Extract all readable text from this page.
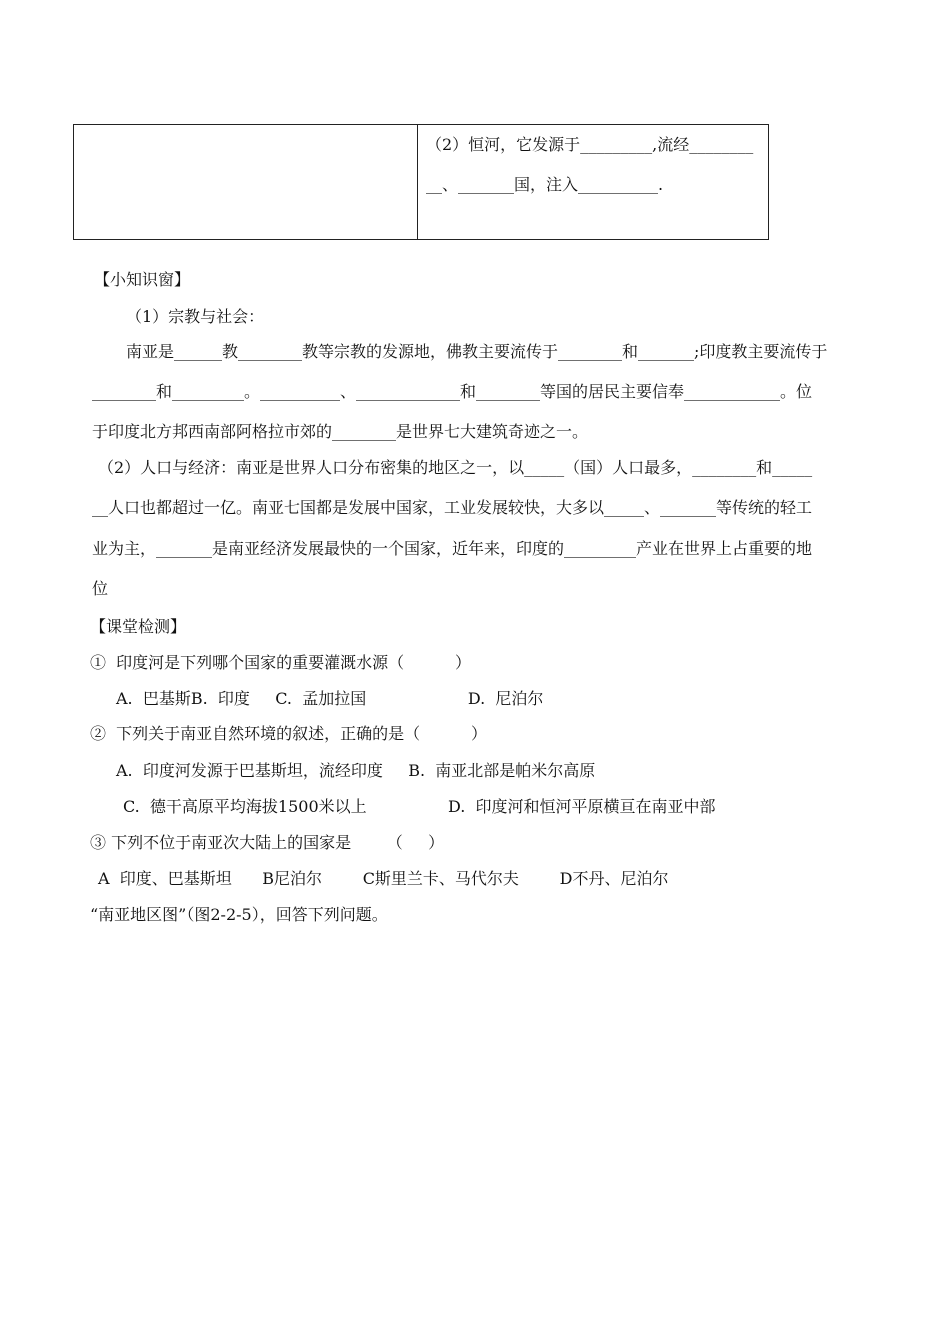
（2）恒河，它发源于_________,流经________
__、_______国，注入__________.
【小知识窗】
（1）宗教与社会：
南亚是______教________教等宗教的发源地，佛教主要流传于________和_______;印度教主要流传于
________和_________。__________、_____________和________等国的居民主要信奉____________。位
于印度北方邦西南部阿格拉市郊的________是世界七大建筑奇迹之一。
（2）人口与经济：南亚是世界人口分布密集的地区之一，以_____（国）人口最多，________和_____
__人口也都超过一亿。南亚七国都是发展中国家，工业发展较快，大多以_____、_______等传统的轻工
业为主，_______是南亚经济发展最快的一个国家，近年来，印度的_________产业在世界上占重要的地
位
【课堂检测】
①  印度河是下列哪个国家的重要灌溉水源（          ）
A.  巴基斯B.  印度     C.  孟加拉国                    D.  尼泊尔
②  下列关于南亚自然环境的叙述，正确的是（          ）
A.  印度河发源于巴基斯坦，流经印度     B.  南亚北部是帕米尔高原
C.  德干高原平均海拔1500米以上                D.  印度河和恒河平原横亘在南亚中部
③ 下列不位于南亚次大陆上的国家是       （     ）
A  印度、巴基斯坦      B尼泊尔        C斯里兰卡、马代尔夫        D不丹、尼泊尔
“南亚地区图”（图2-2-5），回答下列问题。
